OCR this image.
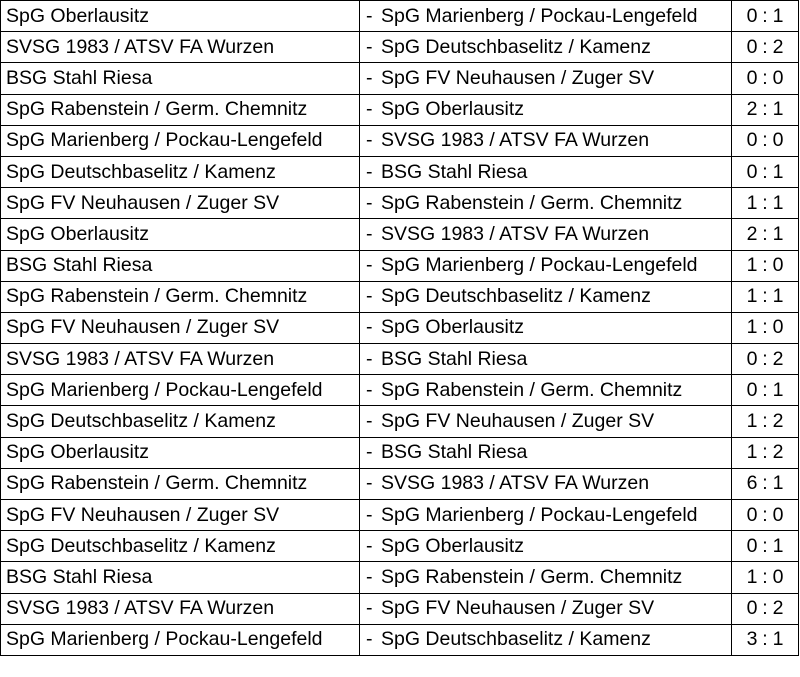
SpG Oberlausitz	- SpG Marienberg / Pockau-Lengefeld	0 : 1
SVSG 1983 / ATSV FA Wurzen	- SpG Deutschbaselitz / Kamenz	0 : 2
BSG Stahl Riesa	- SpG FV Neuhausen / Zuger SV	0 : 0
SpG Rabenstein / Germ. Chemnitz	- SpG Oberlausitz	2 : 1
SpG Marienberg / Pockau-Lengefeld	- SVSG 1983 / ATSV FA Wurzen	0 : 0
SpG Deutschbaselitz / Kamenz	- BSG Stahl Riesa	0 : 1
SpG FV Neuhausen / Zuger SV	- SpG Rabenstein / Germ. Chemnitz	1 : 1
SpG Oberlausitz	- SVSG 1983 / ATSV FA Wurzen	2 : 1
BSG Stahl Riesa	- SpG Marienberg / Pockau-Lengefeld	1 : 0
SpG Rabenstein / Germ. Chemnitz	- SpG Deutschbaselitz / Kamenz	1 : 1
SpG FV Neuhausen / Zuger SV	- SpG Oberlausitz	1 : 0
SVSG 1983 / ATSV FA Wurzen	- BSG Stahl Riesa	0 : 2
SpG Marienberg / Pockau-Lengefeld	- SpG Rabenstein / Germ. Chemnitz	0 : 1
SpG Deutschbaselitz / Kamenz	- SpG FV Neuhausen / Zuger SV	1 : 2
SpG Oberlausitz	- BSG Stahl Riesa	1 : 2
SpG Rabenstein / Germ. Chemnitz	- SVSG 1983 / ATSV FA Wurzen	6 : 1
SpG FV Neuhausen / Zuger SV	- SpG Marienberg / Pockau-Lengefeld	0 : 0
SpG Deutschbaselitz / Kamenz	- SpG Oberlausitz	0 : 1
BSG Stahl Riesa	- SpG Rabenstein / Germ. Chemnitz	1 : 0
SVSG 1983 / ATSV FA Wurzen	- SpG FV Neuhausen / Zuger SV	0 : 2
SpG Marienberg / Pockau-Lengefeld	- SpG Deutschbaselitz / Kamenz	3 : 1
